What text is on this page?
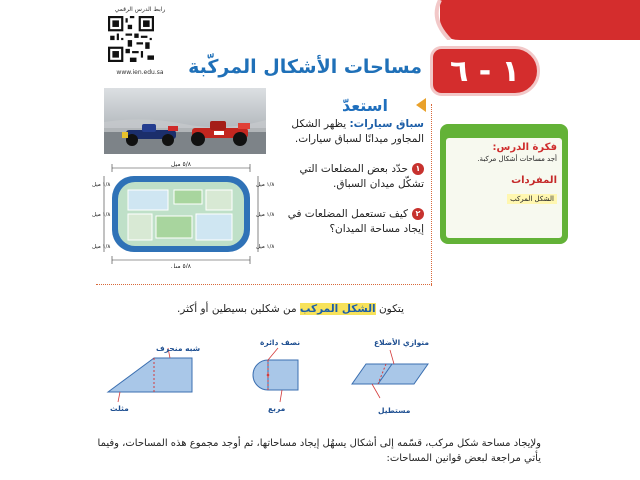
١ - ٦
مساحات الأشكال المركّبة
رابط الدرس الرقمي
www.ien.edu.sa
٥/٨ ميل
٥/٨ ميل
١/٨ ميل
١/٨ ميل
١/٨ ميل
١/٨ ميل
١/٨ ميل
١/٨ ميل
استعدّ
سباق سيارات: يظهر الشكل المجاور ميدانًا لسباق سيارات.
١حدّد بعض المضلعات التي تشكّل ميدان السباق.
٢كيف تستعمل المضلعات في إيجاد مساحة الميدان؟
فكرة الدرس:
أجد مساحات أشكال مركبة.
المفردات
الشكل المركب
يتكون الشكل المركب من شكلين بسيطين أو أكثر.
متوازي الأضلاع
مستطيل
نصف دائرة
مربع
شبه منحرف
مثلث
ولإيجاد مساحة شكل مركب، قسّمه إلى أشكال يسهُل إيجاد مساحاتها، ثم أوجد مجموع هذه المساحات، وفيما يأتي مراجعة لبعض قوانين المساحات:
